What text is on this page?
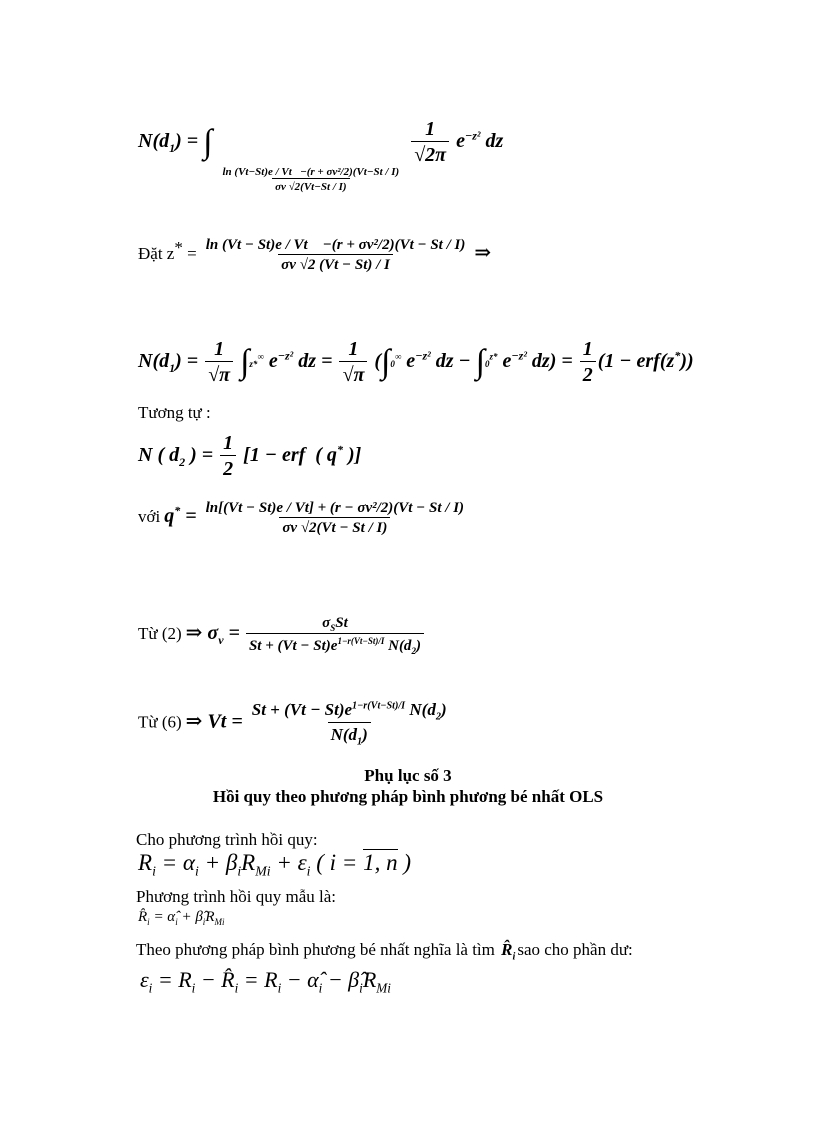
$N(d_1)$ = ∫
$\frac{\text{ln (Vt−St)e / Vt   −(r + σv²/2)(Vt−St / I)}}{\sigma v √2(Vt-St / I)}$

$\frac{1}{√2\pi} e^{-z^2}$ dz
Đặt $z^* = \frac{\text{ln (Vt − St)e / Vt    −(r + σv²/2)(Vt − St / I)}}{\sigma v √2 (Vt - St) / I}$ ⇒
$N(d_1) = \frac{1}{√\pi} \int z*^\infty$ $e^{-z^2}$ dz = $\frac{1}{√\pi} (\int 0^\infty$ $e^{-z^2}$ dz − $\int 0^{z*}$ $e^{-z^2}$ $dz) = \frac{1}{2} (1 - erf(z^*))$
Tương tự :
N ( $d_2$ ) = $\frac{1}{2} [1$ − erf  ( q* )]
với $q^* = \frac{\text{ln[(Vt − St)e / Vt] + (r − σv²/2)(Vt − St / I)}}{\sigma v √2(Vt - St / I)}$
Từ (2) ⇒ $\sigma_v = \frac{\sigma_SSt}{St + (Vt - St)e^{1-r(Vt-St)/I} N(d_2)}$
Từ (6) ⇒ $Vt = \frac{St + (Vt - St)e^{1-r(Vt-St)/I} N(d_2)}{N(d_1)}$
Phụ lục số 3
Hồi quy theo phương pháp bình phương bé nhất OLS
Cho phương trình hồi quy:
$R_i = \alpha_i + \beta_iR_{Mi} + \varepsilon_i$ ( i = 1, n )
Phương trình hồi quy mẫu là:
$R̂_i$ = $\alphâ_i$ + $\betâ_iR_{Mi}$
Theo phương pháp bình phương bé nhất nghĩa là tìm $R̂_i$ sao cho phần dư:
$\varepsilon_i = R_i$ − $R̂_i = R_i$ − $\alphâ_i$ − $\betâ_iR_{Mi}$
